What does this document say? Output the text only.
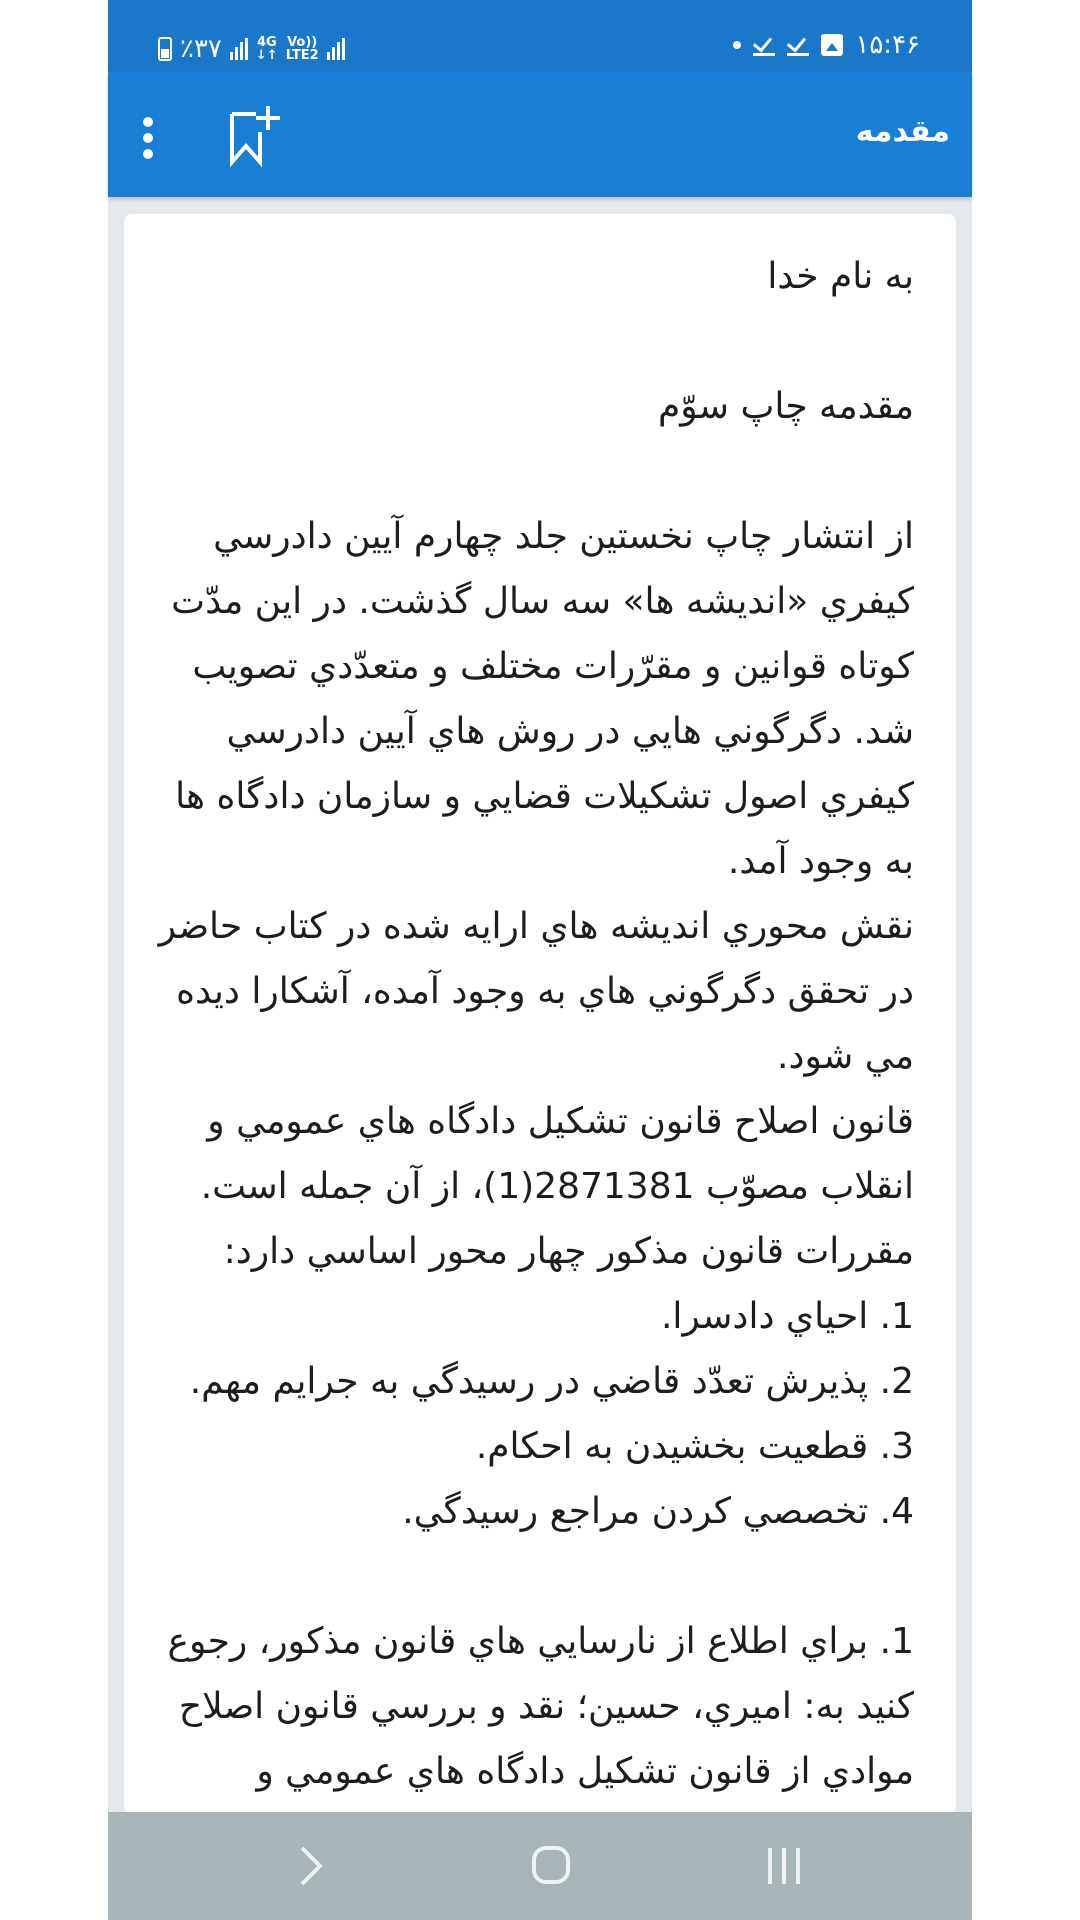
٪۳۷	4G
↓↑
Vo))
LTE2	۱۵:۴۶
مقدمه

به نام خدا

مقدمه چاپ سوّم

از انتشار چاپ نخستين جلد چهارم آيين دادرسي

كيفري «انديشه ها» سه سال گذشت. در اين مدّت

كوتاه قوانين و مقرّرات مختلف و متعدّدي تصويب

شد. دگرگوني هايي در روش هاي آيين دادرسي

كيفري اصول تشكيلات قضايي و سازمان دادگاه ها

به وجود آمد.

نقش محوري انديشه هاي ارايه شده در كتاب حاضر

در تحقق دگرگوني هاي به وجود آمده، آشكارا ديده

مي شود.

قانون اصلاح قانون تشكيل دادگاه هاي عمومي و

انقلاب مصوّب 2871381(1)، از آن جمله است.

مقررات قانون مذكور چهار محور اساسي دارد:

1. احياي دادسرا.

2. پذيرش تعدّد قاضي در رسيدگي به جرايم مهم.

3. قطعيت بخشيدن به احكام.

4. تخصصي كردن مراجع رسيدگي.

1. براي اطلاع از نارسايي هاي قانون مذكور، رجوع

كنيد به: اميري، حسين؛ نقد و بررسي قانون اصلاح

موادي از قانون تشكيل دادگاه هاي عمومي و
